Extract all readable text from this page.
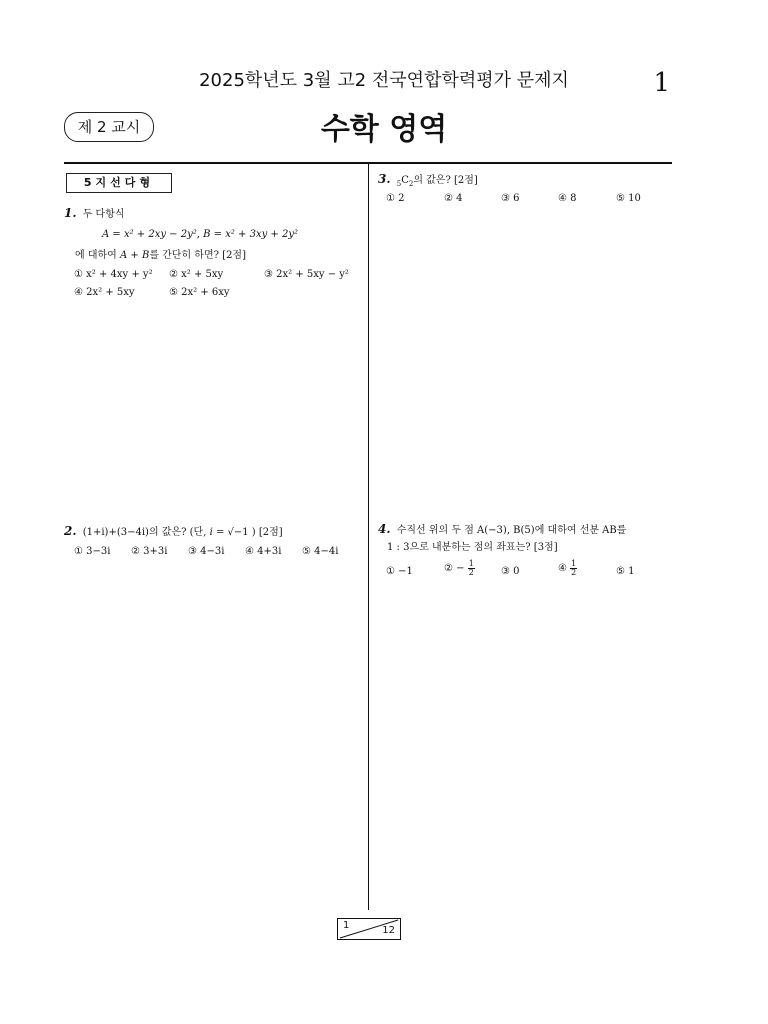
2025학년도 3월 고2 전국연합학력평가 문제지	1
제 2 교시	수학 영역
5지선다형
1. 두 다항식
A = x² + 2xy − 2y², B = x² + 3xy + 2y²
에 대하여 A + B를 간단히 하면? [2점]
① x² + 4xy + y² ② x² + 5xy	③ 2x² + 5xy − y²
④ 2x² + 5xy	⑤ 2x² + 6xy
2. (1+i)+(3−4i)의 값은? (단, i = √−1 ) [2점]
① 3−3i ② 3+3i ③ 4−3i ④ 4+3i ⑤ 4−4i
3. $_5C_2$의 값은? [2점]
① 2	② 4	③ 6	④ 8	⑤ 10
4. 수직선 위의 두 점 A(−3), B(5)에 대하여 선분 AB를
1 : 3으로 내분하는 점의 좌표는? [3점]
① −1	② − $\frac{1}{2}$	③ 0	④ $\frac{1}{2}$	⑤ 1
1	12
